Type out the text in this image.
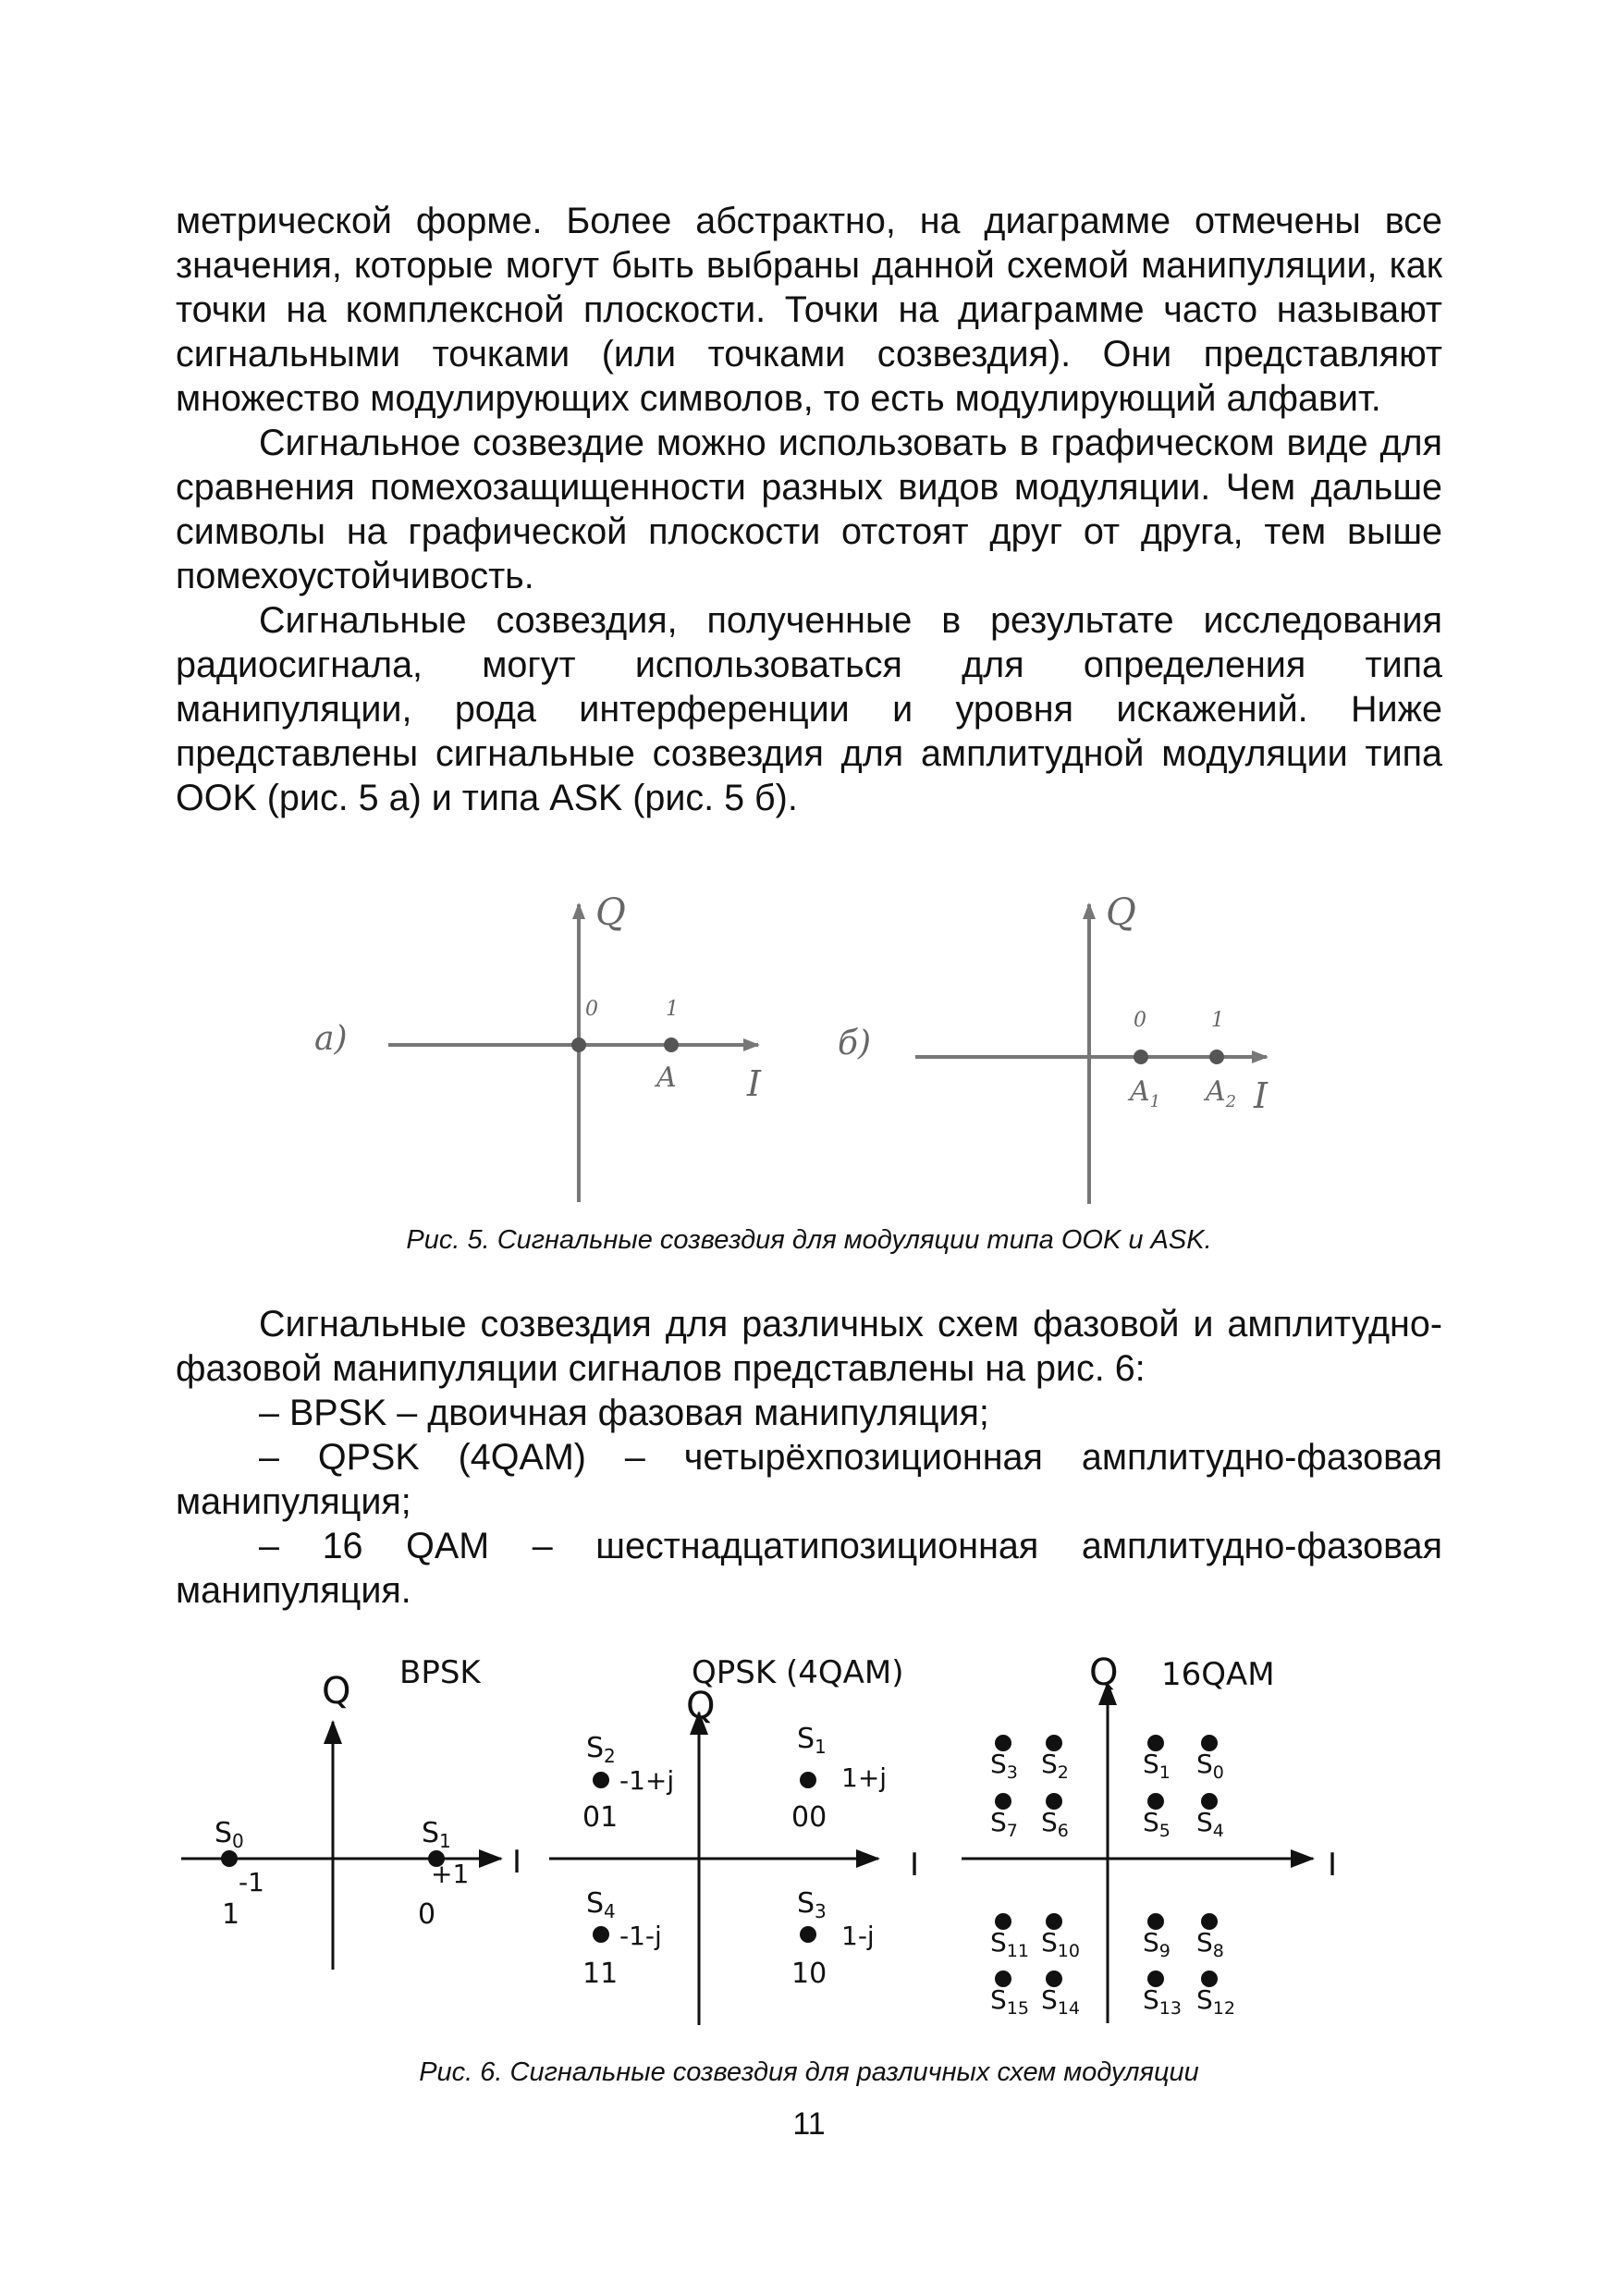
метрической форме. Более абстрактно, на диаграмме отмечены все значения, которые могут быть выбраны данной схемой манипуляции, как точки на комплексной плоскости. Точки на диаграмме часто называют сигнальными точками (или точками созвездия). Они представляют множество модулирующих символов, то есть модулирующий алфавит.

Сигнальное созвездие можно использовать в графическом виде для сравнения помехозащищенности разных видов модуляции. Чем дальше символы на графической плоскости отстоят друг от друга, тем выше помехоустойчивость.

Сигнальные созвездия, полученные в результате исследования радиосигнала, могут использоваться для определения типа манипуляции, рода интерференции и уровня искажений. Ниже представлены сигнальные созвездия для амплитудной модуляции типа OOK (рис. 5 а) и типа ASK (рис. 5 б).

а)
Q
I
0	1
A
б)
Q
I
0	1
$A_1$ $A_2$
BPSK
Q
I
$S_0$	$S_1$
-1	+1
1	0
QPSK (4QAM)
Q
I
$S_2$
$S_1$
$S_4$	$S_3$
-1+j	1+j
-1-j	1-j
01	00
11	10
Q 16QAM
I
$S_3$ $S_2$	$S_1$ $S_0$
$S_7$ $S_6$	$S_5$ $S_4$
$S_{11}$ $S_{10}$ $S_9$ $S_8$
$S_{15}$ $S_{14}$ $S_{13}$ $S_{12}$
Рис. 5. Сигнальные созвездия для модуляции типа OOK и ASK.

Сигнальные созвездия для различных схем фазовой и амплитудно-фазовой манипуляции сигналов представлены на рис. 6:

– BPSK – двоичная фазовая манипуляция;

– QPSK (4QAM) – четырёхпозиционная амплитудно-фазовая манипуляция;

– 16 QAM – шестнадцатипозиционная амплитудно-фазовая манипуляция.

Рис. 6. Сигнальные созвездия для различных схем модуляции
11
